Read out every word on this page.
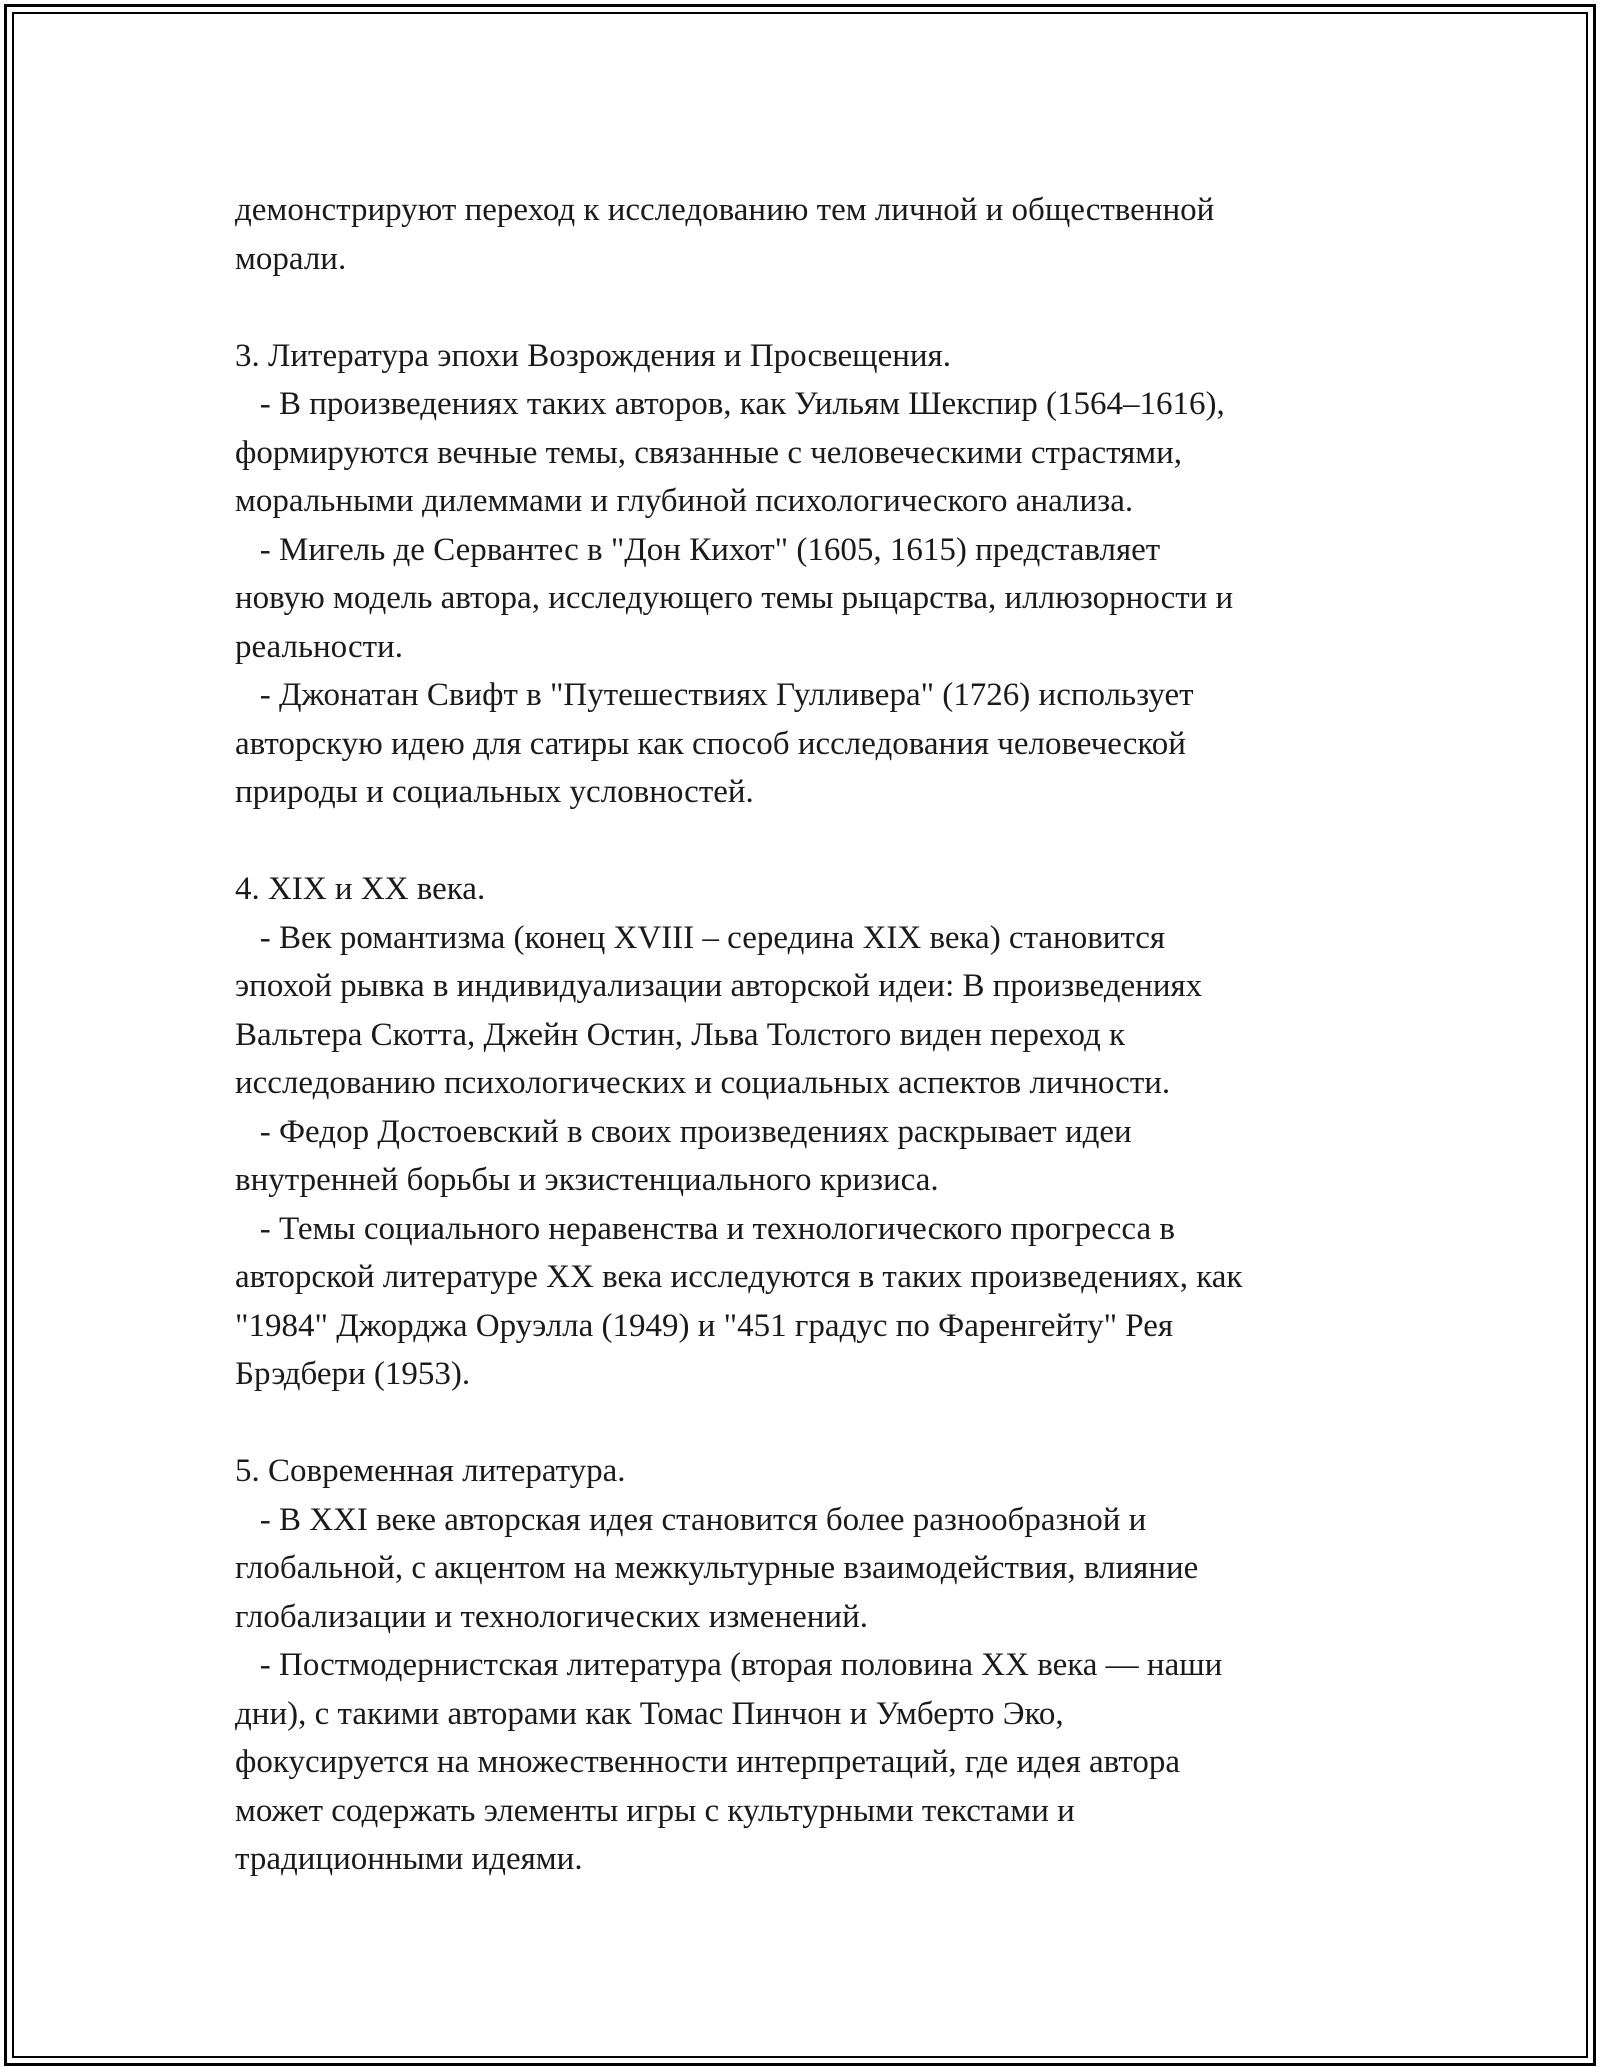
демонстрируют переход к исследованию тем личной и общественной
морали.
3. Литература эпохи Возрождения и Просвещения.
- В произведениях таких авторов, как Уильям Шекспир (1564–1616),
формируются вечные темы, связанные с человеческими страстями,
моральными дилеммами и глубиной психологического анализа.
- Мигель де Сервантес в "Дон Кихот" (1605, 1615) представляет
новую модель автора, исследующего темы рыцарства, иллюзорности и
реальности.
- Джонатан Свифт в "Путешествиях Гулливера" (1726) использует
авторскую идею для сатиры как способ исследования человеческой
природы и социальных условностей.
4. XIX и XX века.
- Век романтизма (конец XVIII – середина XIX века) становится
эпохой рывка в индивидуализации авторской идеи: В произведениях
Вальтера Скотта, Джейн Остин, Льва Толстого виден переход к
исследованию психологических и социальных аспектов личности.
- Федор Достоевский в своих произведениях раскрывает идеи
внутренней борьбы и экзистенциального кризиса.
- Темы социального неравенства и технологического прогресса в
авторской литературе XX века исследуются в таких произведениях, как
"1984" Джорджа Оруэлла (1949) и "451 градус по Фаренгейту" Рея
Брэдбери (1953).
5. Современная литература.
- В XXI веке авторская идея становится более разнообразной и
глобальной, с акцентом на межкультурные взаимодействия, влияние
глобализации и технологических изменений.
- Постмодернистская литература (вторая половина XX века — наши
дни), с такими авторами как Томас Пинчон и Умберто Эко,
фокусируется на множественности интерпретаций, где идея автора
может содержать элементы игры с культурными текстами и
традиционными идеями.
